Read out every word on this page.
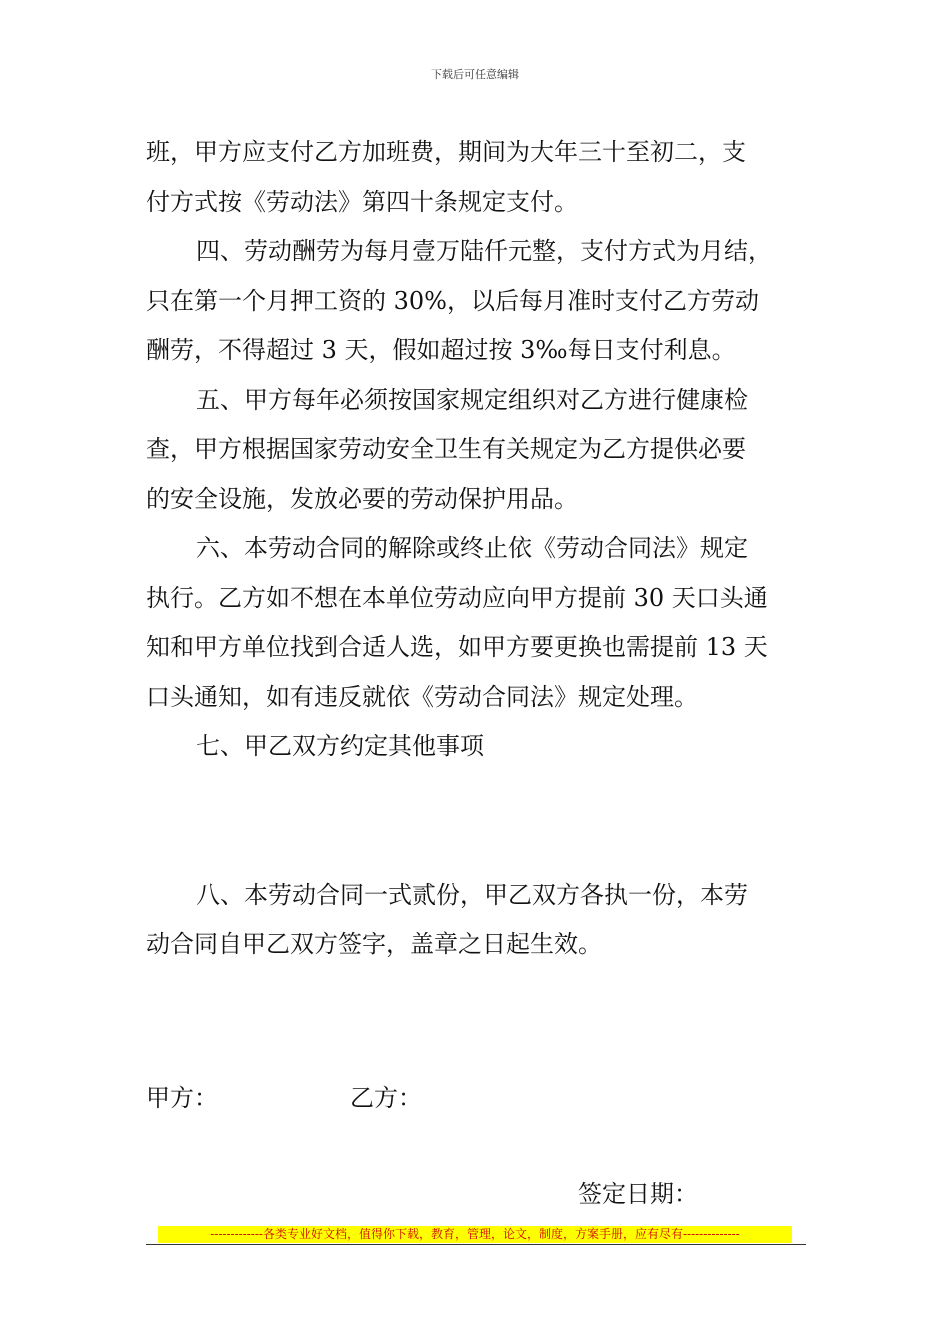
下载后可任意编辑
班，甲方应支付乙方加班费，期间为大年三十至初二，支
付方式按《劳动法》第四十条规定支付。
四、劳动酬劳为每月壹万陆仟元整，支付方式为月结，
只在第一个月押工资的 30%，以后每月准时支付乙方劳动
酬劳，不得超过 3 天，假如超过按 3‰每日支付利息。
五、甲方每年必须按国家规定组织对乙方进行健康检
查，甲方根据国家劳动安全卫生有关规定为乙方提供必要
的安全设施，发放必要的劳动保护用品。
六、本劳动合同的解除或终止依《劳动合同法》规定
执行。乙方如不想在本单位劳动应向甲方提前 30 天口头通
知和甲方单位找到合适人选，如甲方要更换也需提前 13 天
口头通知，如有违反就依《劳动合同法》规定处理。
七、甲乙双方约定其他事项
八、本劳动合同一式贰份，甲乙双方各执一份，本劳
动合同自甲乙双方签字，盖章之日起生效。
甲方：	乙方：
签定日期：
-------------各类专业好文档，值得你下载，教育，管理，论文，制度，方案手册，应有尽有--------------
